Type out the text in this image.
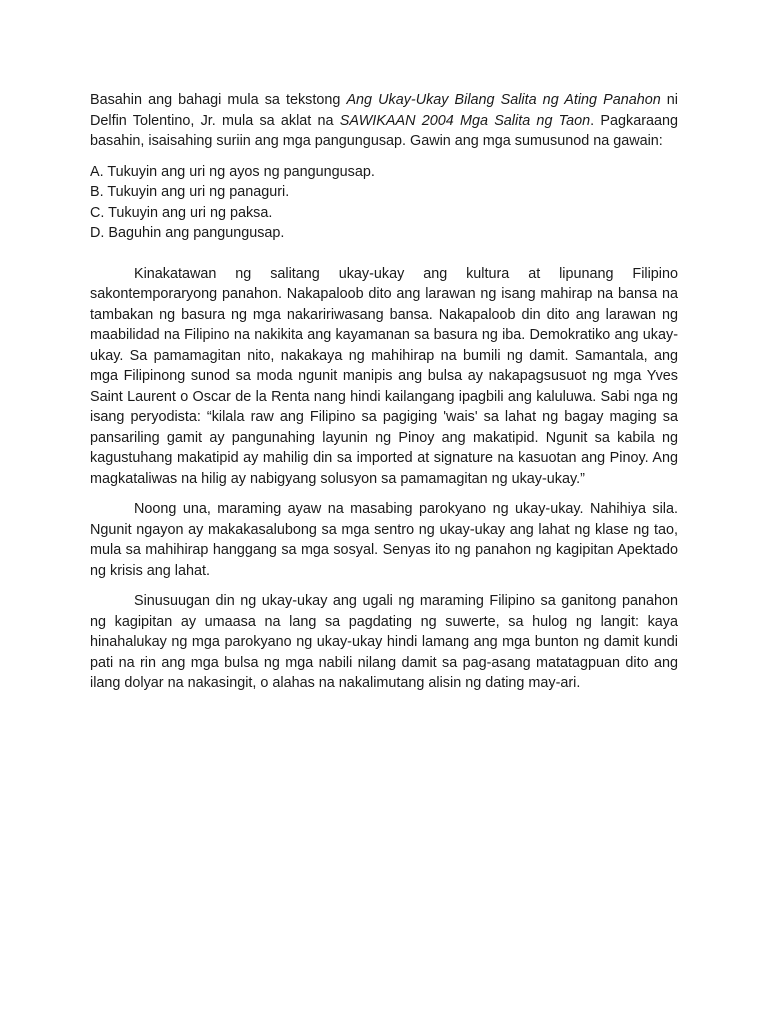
Basahin ang bahagi mula sa tekstong Ang Ukay-Ukay Bilang Salita ng Ating Panahon ni Delfin Tolentino, Jr. mula sa aklat na SAWIKAAN 2004 Mga Salita ng Taon. Pagkaraang basahin, isaisahing suriin ang mga pangungusap. Gawin ang mga sumusunod na gawain:

A. Tukuyin ang uri ng ayos ng pangungusap.
B. Tukuyin ang uri ng panaguri.
C. Tukuyin ang uri ng paksa.
D. Baguhin ang pangungusap.

Kinakatawan ng salitang ukay-ukay ang kultura at lipunang Filipino sakontemporaryong panahon. Nakapaloob dito ang larawan ng isang mahirap na bansa na tambakan ng basura ng mga nakaririwasang bansa. Nakapaloob din dito ang larawan ng maabilidad na Filipino na nakikita ang kayamanan sa basura ng iba. Demokratiko ang ukay-ukay. Sa pamamagitan nito, nakakaya ng mahihirap na bumili ng damit. Samantala, ang mga Filipinong sunod sa moda ngunit manipis ang bulsa ay nakapagsusuot ng mga Yves Saint Laurent o Oscar de la Renta nang hindi kailangang ipagbili ang kaluluwa. Sabi nga ng isang peryodista: “kilala raw ang Filipino sa pagiging 'wais' sa lahat ng bagay maging sa pansariling gamit ay pangunahing layunin ng Pinoy ang makatipid. Ngunit sa kabila ng kagustuhang makatipid ay mahilig din sa imported at signature na kasuotan ang Pinoy. Ang magkataliwas na hilig ay nabigyang solusyon sa pamamagitan ng ukay-ukay.”

Noong una, maraming ayaw na masabing parokyano ng ukay-ukay. Nahihiya sila. Ngunit ngayon ay makakasalubong sa mga sentro ng ukay-ukay ang lahat ng klase ng tao, mula sa mahihirap hanggang sa mga sosyal. Senyas ito ng panahon ng kagipitan Apektado ng krisis ang lahat.

Sinusuugan din ng ukay-ukay ang ugali ng maraming Filipino sa ganitong panahon ng kagipitan ay umaasa na lang sa pagdating ng suwerte, sa hulog ng langit: kaya hinahalukay ng mga parokyano ng ukay-ukay hindi lamang ang mga bunton ng damit kundi pati na rin ang mga bulsa ng mga nabili nilang damit sa pag-asang matatagpuan dito ang ilang dolyar na nakasingit, o alahas na nakalimutang alisin ng dating may-ari.
